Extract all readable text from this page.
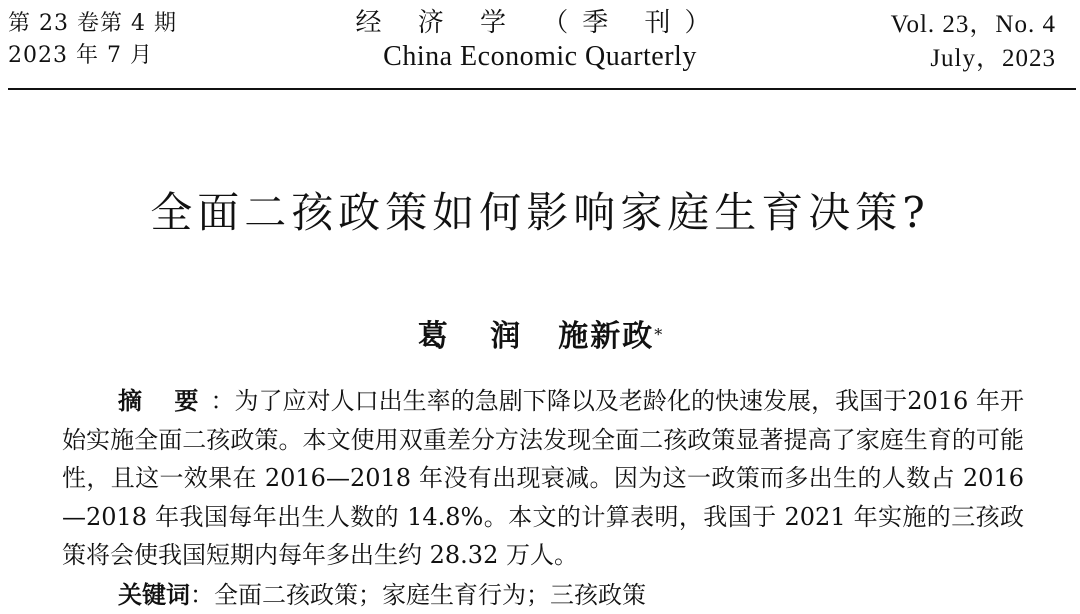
第 23 卷第 4 期
2023 年 7 月
经 济 学 （季 刊）
China Economic Quarterly
Vol. 23，No. 4
July，2023
全面二孩政策如何影响家庭生育决策?
葛 润 施新政*

摘 要：为了应对人口出生率的急剧下降以及老龄化的快速发展，我国于2016 年开始实施全面二孩政策。本文使用双重差分方法发现全面二孩政策显著提高了家庭生育的可能性，且这一效果在 2016—2018 年没有出现衰减。因为这一政策而多出生的人数占 2016—2018 年我国每年出生人数的 14.8%。本文的计算表明，我国于 2021 年实施的三孩政策将会使我国短期内每年多出生约 28.32 万人。

关键词：全面二孩政策；家庭生育行为；三孩政策
